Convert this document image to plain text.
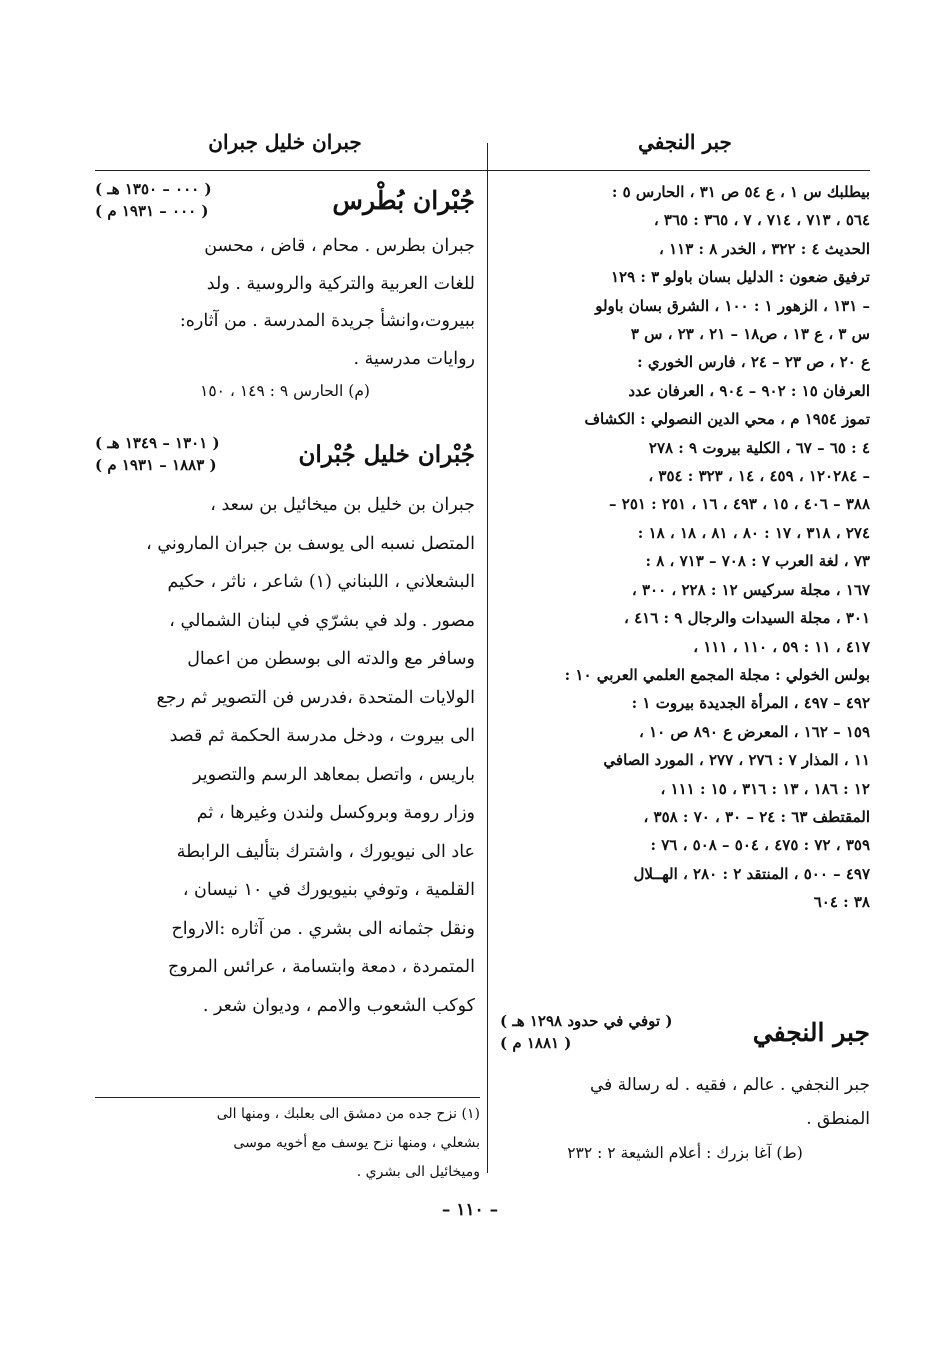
جبر النجفي
جبران خليل جبران
بيطلبك س ١ ، ع ٥٤ ص ٣١ ، الحارس ٥ :
٥٦٤ ، ٧١٣ ، ٧١٤ ، ٧ ، ٣٦٥ : ٣٦٥ ،
الحديث ٤ : ٣٢٢ ، الخدر ٨ : ١١٣ ،
ترفيق ضعون : الدليل بسان باولو ٣ : ١٢٩
– ١٣١ ، الزهور ١ : ١٠٠ ، الشرق بسان باولو
س ٣ ، ع ١٣ ، ص١٨ – ٢١ ، ٢٣ ، س ٣
ع ٢٠ ، ص ٢٣ – ٢٤ ، فارس الخوري :
العرفان ١٥ : ٩٠٢ – ٩٠٤ ، العرفان عدد
تموز ١٩٥٤ م ، محي الدين النصولي : الكشاف
٤ : ٦٥ – ٦٧ ، الكلية بيروت ٩ : ٢٧٨
– ١٢٠٢٨٤ ، ٤٥٩ ، ١٤ ، ٣٢٣ : ٣٥٤ ،
٣٨٨ – ٤٠٦ ، ١٥ ، ٤٩٣ ، ١٦ ، ٢٥١ : ٢٥١ –
٢٧٤ ، ٣١٨ ، ١٧ : ٨٠ ، ٨١ ، ١٨ ، ١٨ :
٧٣ ، لغة العرب ٧ : ٧٠٨ – ٧١٣ ، ٨ :
١٦٧ ، مجلة سركيس ١٢ : ٢٢٨ ، ٣٠٠ ،
٣٠١ ، مجلة السيدات والرجال ٩ : ٤١٦ ،
٤١٧ ، ١١ : ٥٩ ، ١١٠ ، ١١١ ،
بولس الخولي : مجلة المجمع العلمي العربي ١٠ :
٤٩٢ – ٤٩٧ ، المرأة الجديدة بيروت ١ :
١٥٩ – ١٦٢ ، المعرض ع ٨٩٠ ص ١٠ ،
١١ ، المذار ٧ : ٢٧٦ ، ٢٧٧ ، المورد الصافي
١٢ : ١٨٦ ، ١٣ : ٣١٦ ، ١٥ : ١١١ ،
المقتطف ٦٣ : ٢٤ – ٣٠ ، ٧٠ : ٣٥٨ ،
٣٥٩ ، ٧٢ : ٤٧٥ ، ٥٠٤ – ٥٠٨ ، ٧٦ :
٤٩٧ – ٥٠٠ ، المنتقد ٢ : ٢٨٠ ، الهــلال
٣٨ : ٦٠٤
جبر النجفي
( توفي في حدود ١٢٩٨ هـ )
( ١٨٨١ م )
جبر النجفي . عالم ، فقيه . له رسالة في
المنطق .
(ط) آغا بزرك : أعلام الشيعة ٢ : ٢٣٢
جُبْران بُطْرس
( ٠٠٠ – ١٣٥٠ هـ )
( ٠٠٠ – ١٩٣١ م )
جبران بطرس . محام ، قاض ، محسن
للغات العربية والتركية والروسية . ولد
ببيروت،وانشأ جريدة المدرسة . من آثاره:
روايات مدرسية .
(م) الحارس ٩ : ١٤٩ ، ١٥٠
جُبْران خليل جُبْران
( ١٣٠١ – ١٣٤٩ هـ )
( ١٨٨٣ – ١٩٣١ م )
جبران بن خليل بن ميخائيل بن سعد ،
المتصل نسبه الى يوسف بن جبران الماروني ،
البشعلاني ، اللبناني (١) شاعر ، ناثر ، حكيم
مصور . ولد في بشرّي في لبنان الشمالي ،
وسافر مع والدته الى بوسطن من اعمال
الولايات المتحدة ،فدرس فن التصوير ثم رجع
الى بيروت ، ودخل مدرسة الحكمة ثم قصد
باريس ، واتصل بمعاهد الرسم والتصوير
وزار رومة وبروكسل ولندن وغيرها ، ثم
عاد الى نيويورك ، واشترك بتأليف الرابطة
القلمية ، وتوفي بنيويورك في ١٠ نيسان ،
ونقل جثمانه الى بشري . من آثاره :الارواح
المتمردة ، دمعة وابتسامة ، عرائس المروج
كوكب الشعوب والامم ، وديوان شعر .
(١) نزح جده من دمشق الى بعلبك ، ومنها الى
بشعلي ، ومنها نزح يوسف مع أخويه موسى
وميخائيل الى بشري .
– ١١٠ –
